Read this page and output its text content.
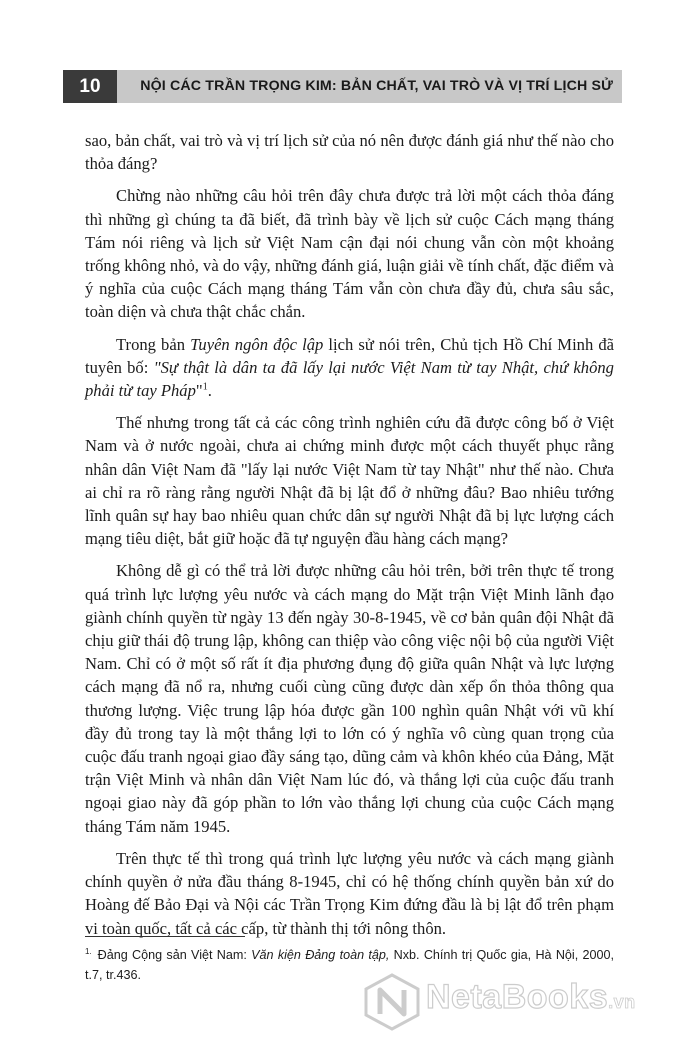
10	NỘI CÁC TRẦN TRỌNG KIM: BẢN CHẤT, VAI TRÒ VÀ VỊ TRÍ LỊCH SỬ

sao, bản chất, vai trò và vị trí lịch sử của nó nên được đánh giá như thế nào cho thỏa đáng?

Chừng nào những câu hỏi trên đây chưa được trả lời một cách thỏa đáng thì những gì chúng ta đã biết, đã trình bày về lịch sử cuộc Cách mạng tháng Tám nói riêng và lịch sử Việt Nam cận đại nói chung vẫn còn một khoảng trống không nhỏ, và do vậy, những đánh giá, luận giải về tính chất, đặc điểm và ý nghĩa của cuộc Cách mạng tháng Tám vẫn còn chưa đầy đủ, chưa sâu sắc, toàn diện và chưa thật chắc chắn.

Trong bản Tuyên ngôn độc lập lịch sử nói trên, Chủ tịch Hồ Chí Minh đã tuyên bố: "Sự thật là dân ta đã lấy lại nước Việt Nam từ tay Nhật, chứ không phải từ tay Pháp"$^1$.

Thế nhưng trong tất cả các công trình nghiên cứu đã được công bố ở Việt Nam và ở nước ngoài, chưa ai chứng minh được một cách thuyết phục rằng nhân dân Việt Nam đã "lấy lại nước Việt Nam từ tay Nhật" như thế nào. Chưa ai chỉ ra rõ ràng rằng người Nhật đã bị lật đổ ở những đâu? Bao nhiêu tướng lĩnh quân sự hay bao nhiêu quan chức dân sự người Nhật đã bị lực lượng cách mạng tiêu diệt, bắt giữ hoặc đã tự nguyện đầu hàng cách mạng?

Không dễ gì có thể trả lời được những câu hỏi trên, bởi trên thực tế trong quá trình lực lượng yêu nước và cách mạng do Mặt trận Việt Minh lãnh đạo giành chính quyền từ ngày 13 đến ngày 30-8-1945, về cơ bản quân đội Nhật đã chịu giữ thái độ trung lập, không can thiệp vào công việc nội bộ của người Việt Nam. Chỉ có ở một số rất ít địa phương đụng độ giữa quân Nhật và lực lượng cách mạng đã nổ ra, nhưng cuối cùng cũng được dàn xếp ổn thỏa thông qua thương lượng. Việc trung lập hóa được gần 100 nghìn quân Nhật với vũ khí đầy đủ trong tay là một thắng lợi to lớn có ý nghĩa vô cùng quan trọng của cuộc đấu tranh ngoại giao đầy sáng tạo, dũng cảm và khôn khéo của Đảng, Mặt trận Việt Minh và nhân dân Việt Nam lúc đó, và thắng lợi của cuộc đấu tranh ngoại giao này đã góp phần to lớn vào thắng lợi chung của cuộc Cách mạng tháng Tám năm 1945.

Trên thực tế thì trong quá trình lực lượng yêu nước và cách mạng giành chính quyền ở nửa đầu tháng 8-1945, chỉ có hệ thống chính quyền bản xứ do Hoàng đế Bảo Đại và Nội các Trần Trọng Kim đứng đầu là bị lật đổ trên phạm vi toàn quốc, tất cả các cấp, từ thành thị tới nông thôn.

$^{1.}$ Đảng Cộng sản Việt Nam: Văn kiện Đảng toàn tập, Nxb. Chính trị Quốc gia, Hà Nội, 2000, t.7, tr.436.
NetaBooks.vn
